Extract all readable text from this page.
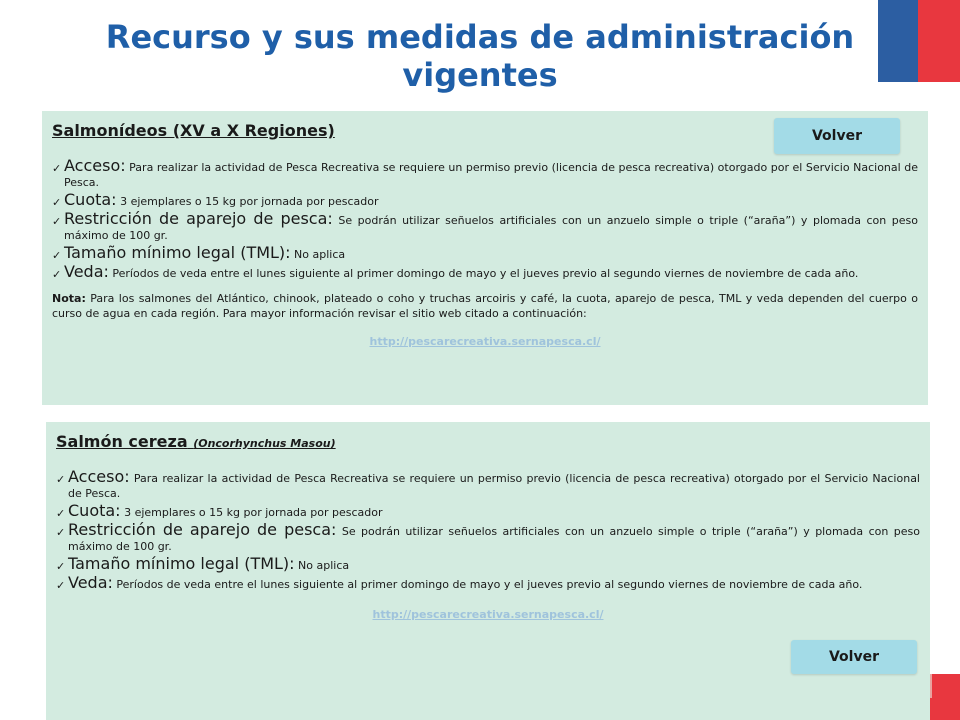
Recurso y sus medidas de administración vigentes
Salmonídeos (XV a X Regiones)
✓ Acceso: Para realizar la actividad de Pesca Recreativa se requiere un permiso previo (licencia de pesca recreativa) otorgado por el Servicio Nacional de Pesca.
✓ Cuota: 3 ejemplares o 15 kg por jornada por pescador
✓ Restricción de aparejo de pesca: Se podrán utilizar señuelos artificiales con un anzuelo simple o triple (“araña”) y plomada con peso máximo de 100 gr.
✓ Tamaño mínimo legal (TML): No aplica
✓ Veda: Períodos de veda entre el lunes siguiente al primer domingo de mayo y el jueves previo al segundo viernes de noviembre de cada año.
Nota: Para los salmones del Atlántico, chinook, plateado o coho y truchas arcoiris y café, la cuota, aparejo de pesca, TML y veda dependen del cuerpo o curso de agua en cada región. Para mayor información revisar el sitio web citado a continuación:
http://pescarecreativa.sernapesca.cl/
Volver
Salmón cereza (Oncorhynchus Masou)
✓ Acceso: Para realizar la actividad de Pesca Recreativa se requiere un permiso previo (licencia de pesca recreativa) otorgado por el Servicio Nacional de Pesca.
✓ Cuota: 3 ejemplares o 15 kg por jornada por pescador
✓ Restricción de aparejo de pesca: Se podrán utilizar señuelos artificiales con un anzuelo simple o triple (“araña”) y plomada con peso máximo de 100 gr.
✓ Tamaño mínimo legal (TML): No aplica
✓ Veda: Períodos de veda entre el lunes siguiente al primer domingo de mayo y el jueves previo al segundo viernes de noviembre de cada año.
http://pescarecreativa.sernapesca.cl/
Volver
